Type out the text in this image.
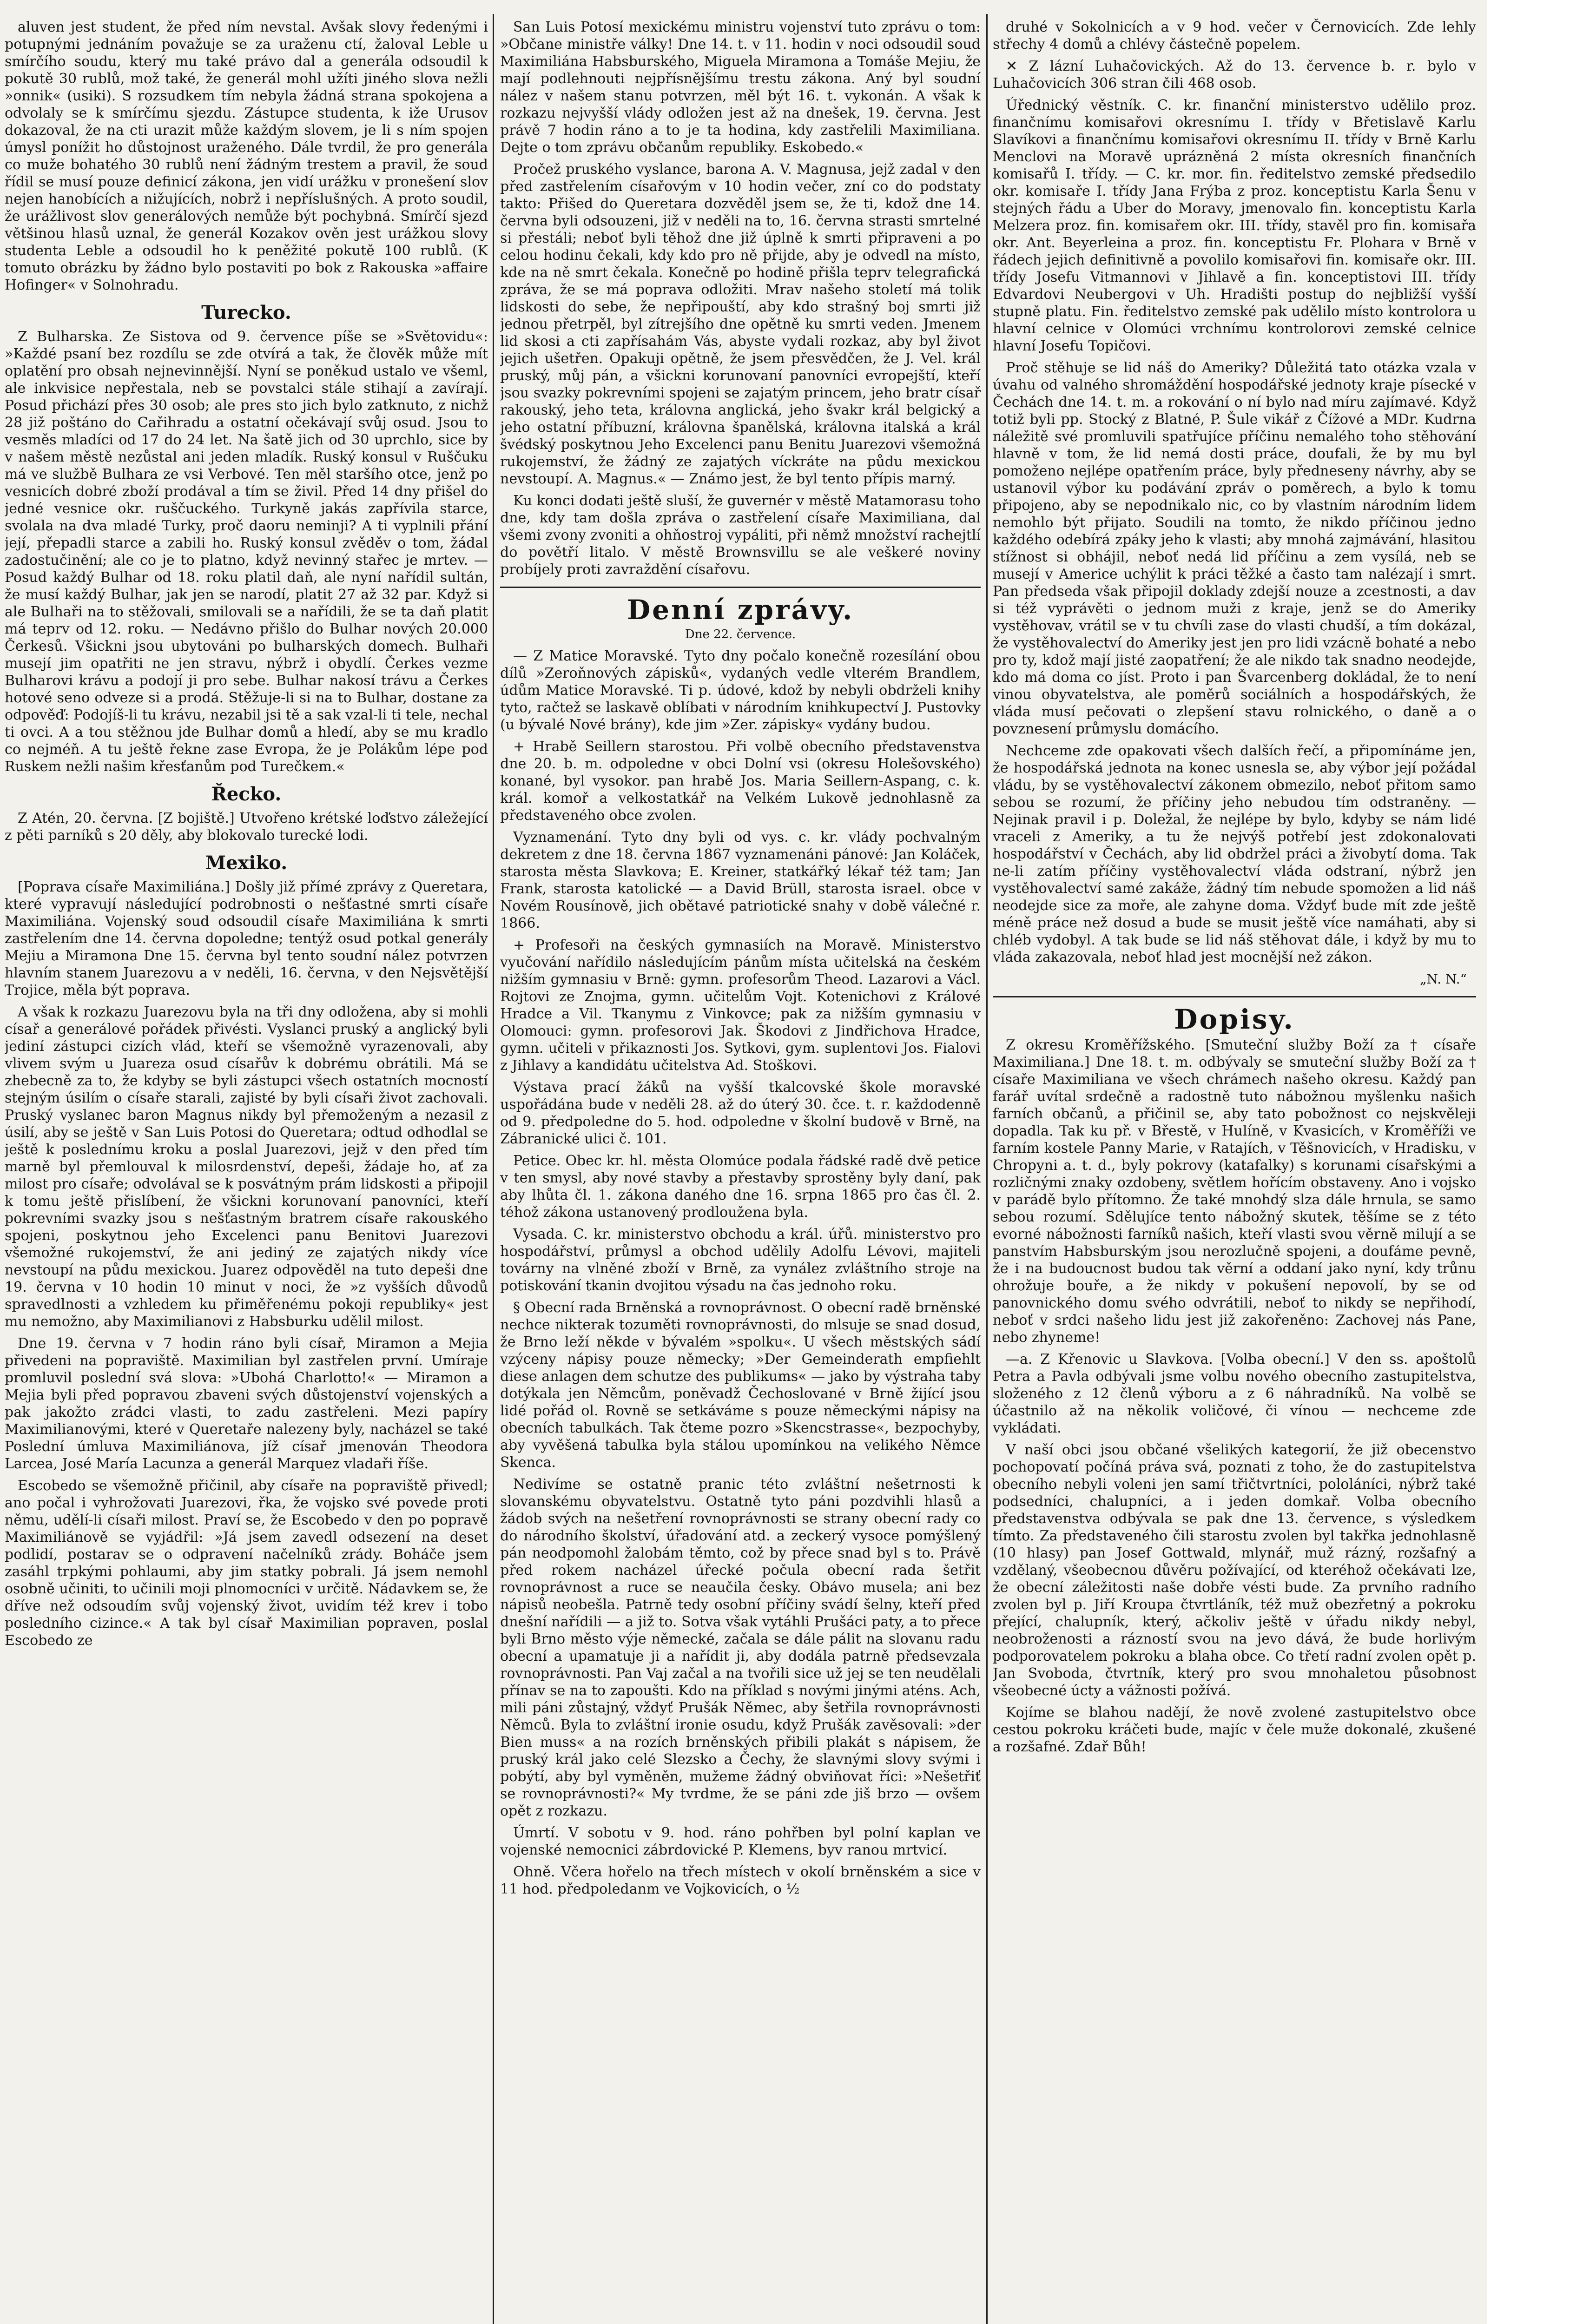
aluven jest student, že před ním nevstal. Avšak slovy ředenými i potupnými jednáním považuje se za uraženu ctí, žaloval Leble u smírčího soudu, který mu také právo dal a generála odsoudil k pokutě 30 rublů, mož také, že generál mohl užíti jiného slova nežli »onnik« (usiki). S rozsudkem tím nebyla žádná strana spokojena a odvolaly se k smírčímu sjezdu. Zástupce studenta, k iže Urusov dokazoval, že na cti urazit může každým slovem, je li s ním spojen úmysl ponížit ho důstojnost uraženého. Dále tvrdil, že pro generála co muže bohatého 30 rublů není žádným trestem a pravil, že soud řídil se musí pouze definicí zákona, jen vidí urážku v pronešení slov nejen hanobících a nižujících, nobrž i nepříslušných. A proto soudil, že urážlivost slov generálových nemůže být pochybná. Smírčí sjezd většinou hlasů uznal, že generál Kozakov ověn jest urážkou slovy studenta Leble a odsoudil ho k peněžité pokutě 100 rublů. (K tomuto obrázku by žádno bylo postaviti po bok z Rakouska »affaire Hofinger« v Solnohradu.

Turecko.

Z Bulharska. Ze Sistova od 9. července píše se »Světovidu«: »Každé psaní bez rozdílu se zde otvírá a tak, že člověk může mít oplatění pro obsah nejnevinnější. Nyní se poněkud ustalo ve všeml, ale inkvisice nepřestala, neb se povstalci stále stihají a zavírají. Posud přichází přes 30 osob; ale pres sto jich bylo zatknuto, z nichž 28 již poštáno do Cařihradu a ostatní očekávají svůj osud. Jsou to vesměs mladíci od 17 do 24 let. Na šatě jich od 30 uprchlo, sice by v našem městě nezůstal ani jeden mladík. Ruský konsul v Ruščuku má ve službě Bulhara ze vsi Verbové. Ten měl staršího otce, jenž po vesnicích dobré zboží prodával a tím se živil. Před 14 dny přišel do jedné vesnice okr. ruščuckého. Turkyně jakás zapřívila starce, svolala na dva mladé Turky, proč daoru neminji? A ti vyplnili přání její, přepadli starce a zabili ho. Ruský konsul zvěděv o tom, žádal zadostučinění; ale co je to platno, když nevinný stařec je mrtev. — Posud každý Bulhar od 18. roku platil daň, ale nyní nařídil sultán, že musí každý Bulhar, jak jen se narodí, platit 27 až 32 par. Když si ale Bulhaři na to stěžovali, smilovali se a nařídili, že se ta daň platit má teprv od 12. roku. — Nedávno přišlo do Bulhar nových 20.000 Čerkesů. Všickni jsou ubytováni po bulharských domech. Bulhaři musejí jim opatřiti ne jen stravu, nýbrž i obydlí. Čerkes vezme Bulharovi krávu a podojí ji pro sebe. Bulhar nakosí trávu a Čerkes hotové seno odveze si a prodá. Stěžuje-li si na to Bulhar, dostane za odpověď: Podojíš-li tu krávu, nezabil jsi tě a sak vzal-li ti tele, nechal ti ovci. A a tou stěžnou jde Bulhar domů a hledí, aby se mu kradlo co nejméň. A tu ještě řekne zase Evropa, že je Polákům lépe pod Ruskem nežli našim křesťanům pod Turečkem.«

Řecko.

Z Atén, 20. června. [Z bojiště.] Utvořeno krétské loďstvo záležející z pěti parníků s 20 děly, aby blokovalo turecké lodi.

Mexiko.

[Poprava císaře Maximiliána.] Došly již přímé zprávy z Queretara, které vypravují následující podrobnosti o nešťastné smrti císaře Maximiliána. Vojenský soud odsoudil císaře Maximiliána k smrti zastřelením dne 14. června dopoledne; tentýž osud potkal generály Mejiu a Miramona Dne 15. června byl tento soudní nález potvrzen hlavním stanem Juarezovu a v neděli, 16. června, v den Nejsvětější Trojice, měla být poprava.

A však k rozkazu Juarezovu byla na tři dny odložena, aby si mohli císař a generálové pořádek přivésti. Vyslanci pruský a anglický byli jediní zástupci cizích vlád, kteří se všemožně vyrazenovali, aby vlivem svým u Juareza osud císařův k dobrému obrátili. Má se zhebecně za to, že kdyby se byli zástupci všech ostatních mocností stejným úsilím o císaře starali, zajisté by byli císaři život zachovali. Pruský vyslanec baron Magnus nikdy byl přemoženým a nezasil z úsilí, aby se ještě v San Luis Potosi do Queretara; odtud odhodlal se ještě k poslednímu kroku a poslal Juarezovi, jejž v den před tím marně byl přemlouval k milosrdenství, depeši, žádaje ho, ať za milost pro císaře; odvolával se k posvátným prám lidskosti a připojil k tomu ještě přislíbení, že všickni korunovaní panovníci, kteří pokrevními svazky jsou s nešťastným bratrem císaře rakouského spojeni, poskytnou jeho Excelenci panu Benitovi Juarezovi všemožné rukojemství, že ani jediný ze zajatých nikdy více nevstoupí na půdu mexickou. Juarez odpověděl na tuto depeši dne 19. června v 10 hodin 10 minut v noci, že »z vyšších důvodů spravedlnosti a vzhledem ku přiměřenému pokoji republiky« jest mu nemožno, aby Maximilianovi z Habsburku udělil milost.

Dne 19. června v 7 hodin ráno byli císař, Miramon a Mejia přivedeni na popraviště. Maximilian byl zastřelen první. Umíraje promluvil poslední svá slova: »Ubohá Charlotto!« — Miramon a Mejia byli před popravou zbaveni svých důstojenství vojenských a pak jakožto zrádci vlasti, to zadu zastřeleni. Mezi papíry Maximilianovými, které v Queretaře nalezeny byly, nacházel se také Poslední úmluva Maximiliánova, jíž císař jmenován Theodora Larcea, José María Lacunza a generál Marquez vladaři říše.

Escobedo se všemožně přičinil, aby císaře na popraviště přivedl; ano počal i vyhrožovati Juarezovi, řka, že vojsko své povede proti němu, udělí-li císaři milost. Praví se, že Escobedo v den po popravě Maximiliánově se vyjádřil: »Já jsem zavedl odsezení na deset podlidí, postarav se o odpravení načelníků zrády. Boháče jsem zasáhl trpkými pohlaumi, aby jim statky pobrali. Já jsem nemohl osobně učiniti, to učinili moji plnomocníci v určitě. Nádavkem se, že dříve než odsoudím svůj vojenský život, uvidím též krev i tobo posledního cizince.« A tak byl císař Maximilian popraven, poslal Escobedo ze

San Luis Potosí mexickému ministru vojenství tuto zprávu o tom: »Občane ministře války! Dne 14. t. v 11. hodin v noci odsoudil soud Maximiliána Habsburského, Miguela Miramona a Tomáše Mejiu, že mají podlehnouti nejpřísnějšímu trestu zákona. Aný byl soudní nález v našem stanu potvrzen, měl být 16. t. vykonán. A však k rozkazu nejvyšší vlády odložen jest až na dnešek, 19. června. Jest právě 7 hodin ráno a to je ta hodina, kdy zastřelili Maximiliana. Dejte o tom zprávu občanům republiky. Eskobedo.«

Pročež pruského vyslance, barona A. V. Magnusa, jejž zadal v den před zastřelením císařovým v 10 hodin večer, zní co do podstaty takto: Přišed do Queretara dozvěděl jsem se, že ti, kdož dne 14. června byli odsouzeni, již v neděli na to, 16. června strasti smrtelné si přestáli; neboť byli těhož dne již úplně k smrti připraveni a po celou hodinu čekali, kdy kdo pro ně přijde, aby je odvedl na místo, kde na ně smrt čekala. Konečně po hodině přišla teprv telegrafická zpráva, že se má poprava odložiti. Mrav našeho století má tolik lidskosti do sebe, že nepřipouští, aby kdo strašný boj smrti již jednou přetrpěl, byl zítrejšího dne opětně ku smrti veden. Jmenem lid skosi a cti zapřísahám Vás, abyste vydali rozkaz, aby byl život jejich ušetřen. Opakuji opětně, že jsem přesvědčen, že J. Vel. král pruský, můj pán, a všickni korunovaní panovníci evropejští, kteří jsou svazky pokrevními spojeni se zajatým princem, jeho bratr císař rakouský, jeho teta, královna anglická, jeho švakr král belgický a jeho ostatní příbuzní, královna španělská, královna italská a král švédský poskytnou Jeho Excelenci panu Benitu Juarezovi všemožná rukojemství, že žádný ze zajatých víckráte na půdu mexickou nevstoupí. A. Magnus.« — Známo jest, že byl tento přípis marný.

Ku konci dodati ještě sluší, že guvernér v městě Matamorasu toho dne, kdy tam došla zpráva o zastřelení císaře Maximiliana, dal všemi zvony zvoniti a ohňostroj vypáliti, při němž množství rachejtlí do povětří litalo. V městě Brownsvillu se ale veškeré noviny probíjely proti zavraždění císařovu.

Denní zprávy.
Dne 22. července.

— Z Matice Moravské. Tyto dny počalo konečně rozesílání obou dílů »Zeroňnových zápisků«, vydaných vedle vlterém Brandlem, údům Matice Moravské. Ti p. údové, kdož by nebyli obdrželi knihy tyto, račtež se laskavě oblíbati v národním knihkupectví J. Pustovky (u bývalé Nové brány), kde jim »Zer. zápisky« vydány budou.

+ Hrabě Seillern starostou. Při volbě obecního představenstva dne 20. b. m. odpoledne v obci Dolní vsi (okresu Holešovského) konané, byl vysokor. pan hrabě Jos. Maria Seillern-Aspang, c. k. král. komoř a velkostatkář na Velkém Lukově jednohlasně za představeného obce zvolen.

Vyznamenání. Tyto dny byli od vys. c. kr. vlády pochvalným dekretem z dne 18. června 1867 vyznamenáni pánové: Jan Koláček, starosta města Slavkova; E. Kreiner, statkářký lékař též tam; Jan Frank, starosta katolické — a David Brüll, starosta israel. obce v Novém Rousínově, jich obětavé patriotické snahy v době válečné r. 1866.

+ Profesoři na českých gymnasiích na Moravě. Ministerstvo vyučování nařídilo následujícím pánům místa učitelská na českém nižším gymnasiu v Brně: gymn. profesorům Theod. Lazarovi a Václ. Rojtovi ze Znojma, gymn. učitelům Vojt. Kotenichovi z Králové Hradce a Vil. Tkanymu z Vinkovce; pak za nižším gymnasiu v Olomouci: gymn. profesorovi Jak. Škodovi z Jindřichova Hradce, gymn. učiteli v přikaznosti Jos. Sytkovi, gym. suplentovi Jos. Fialovi z Jihlavy a kandidátu učitelstva Ad. Stoškovi.

Výstava prací žáků na vyšší tkalcovské škole moravské uspořádána bude v neděli 28. až do úterý 30. čce. t. r. každodenně od 9. předpoledne do 5. hod. odpoledne v školní budově v Brně, na Zábranické ulici č. 101.

Petice. Obec kr. hl. města Olomúce podala řádské radě dvě petice v ten smysl, aby nové stavby a přestavby sprostěny byly daní, pak aby lhůta čl. 1. zákona daného dne 16. srpna 1865 pro čas čl. 2. téhož zákona ustanovený prodloužena byla.

Vysada. C. kr. ministerstvo obchodu a král. úřů. ministerstvo pro hospodářství, průmysl a obchod udělily Adolfu Lévovi, majiteli továrny na vlněné zboží v Brně, za vynález zvláštního stroje na potiskování tkanin dvojitou výsadu na čas jednoho roku.

§ Obecní rada Brněnská a rovnoprávnost. O obecní radě brněnské nechce nikterak tozuměti rovnoprávnosti, do mlsuje se snad dosud, že Brno leží někde v bývalém »spolku«. U všech městských sádí vzýceny nápisy pouze německy; »Der Gemeinderath empfiehlt diese anlagen dem schutze des publikums« — jako by výstraha taby dotýkala jen Němcům, poněvadž Čechoslované v Brně žijící jsou lidé pořád ol. Rovně se setkáváme s pouze německými nápisy na obecních tabulkách. Tak čteme pozro »Skencstrasse«, bezpochyby, aby vyvěšená tabulka byla stálou upomínkou na velikého Němce Skenca.

Nedivíme se ostatně pranic této zvláštní nešetrnosti k slovanskému obyvatelstvu. Ostatně tyto páni pozdvihli hlasů a žádob svých na nešetření rovnoprávnosti se strany obecní rady co do národního školství, úřadování atd. a zeckerý vysoce pomýšlený pán neodpomohl žalobám těmto, což by přece snad byl s to. Právě před rokem nacházel úřecké počula obecní rada šetřit rovnoprávnost a ruce se neaučila česky. Obávo musela; ani bez nápisů neobešla. Patrně tedy osobní příčiny svádí šelny, kteří před dnešní nařídili — a již to. Sotva však vytáhli Prušáci paty, a to přece byli Brno město výje německé, začala se dále pálit na slovanu radu obecní a upamatuje ji a nařídit ji, aby dodála patrně předsevzala rovnoprávnosti. Pan Vaj začal a na tvořili sice už jej se ten neudělali přínav se na to zapoušti. Kdo na příklad s novými jinými aténs. Ach, mili páni zůstajný, vždyť Prušák Němec, aby šetřila rovnoprávnosti Němců. Byla to zvláštní ironie osudu, když Prušák zavěsovali: »der Bien muss« a na rozích brněnských přibili plakát s nápisem, že pruský král jako celé Slezsko a Čechy, že slavnými slovy svými i pobýtí, aby byl vyměněn, mužeme žádný obviňovat říci: »Nešetřiť se rovnoprávnosti?« My tvrdme, že se páni zde jiš brzo — ovšem opět z rozkazu.

Úmrtí. V sobotu v 9. hod. ráno pohřben byl polní kaplan ve vojenské nemocnici zábrdovické P. Klemens, byv ranou mrtvicí.

Ohně. Včera hořelo na třech místech v okolí brněnském a sice v 11 hod. předpoledanm ve Vojkovicích, o ½

druhé v Sokolnicích a v 9 hod. večer v Černovicích. Zde lehly střechy 4 domů a chlévy částečně popelem.

✕ Z lázní Luhačovických. Až do 13. července b. r. bylo v Luhačovicích 306 stran čili 468 osob.

Úřednický věstník. C. kr. finanční ministerstvo udělilo proz. finančnímu komisařovi okresnímu I. třídy v Břetislavě Karlu Slavíkovi a finančnímu komisařovi okresnímu II. třídy v Brně Karlu Menclovi na Moravě uprázněná 2 místa okresních finančních komisařů I. třídy. — C. kr. mor. fin. ředitelstvo zemské předsedilo okr. komisaře I. třídy Jana Frýba z proz. konceptistu Karla Šenu v stejných řádu a Uber do Moravy, jmenovalo fin. konceptistu Karla Melzera proz. fin. komisařem okr. III. třídy, stavěl pro fin. komisařa okr. Ant. Beyerleina a proz. fin. konceptistu Fr. Plohara v Brně v řádech jejich definitivně a povolilo komisařovi fin. komisaře okr. III. třídy Josefu Vitmannovi v Jihlavě a fin. konceptistovi III. třídy Edvardovi Neubergovi v Uh. Hradišti postup do nejbližší vyšší stupně platu. Fin. ředitelstvo zemské pak udělilo místo kontrolora u hlavní celnice v Olomúci vrchnímu kontrolorovi zemské celnice hlavní Josefu Topičovi.

Proč stěhuje se lid náš do Ameriky? Důležitá tato otázka vzala v úvahu od valného shromáždění hospodářské jednoty kraje písecké v Čechách dne 14. t. m. a rokování o ní bylo nad míru zajímavé. Když totiž byli pp. Stocký z Blatné, P. Šule vikář z Čížové a MDr. Kudrna náležitě své promluvili spatřujíce příčinu nemalého toho stěhování hlavně v tom, že lid nemá dosti práce, doufali, že by mu byl pomoženo nejlépe opatřením práce, byly předneseny návrhy, aby se ustanovil výbor ku podávání zpráv o poměrech, a bylo k tomu připojeno, aby se nepodnikalo nic, co by vlastním národním lidem nemohlo být přijato. Soudili na tomto, že nikdo příčinou jedno každého odebírá zpáky jeho k vlasti; aby mnohá zajmávání, hlasitou stížnost si obhájil, neboť nedá lid příčinu a zem vysílá, neb se musejí v Americe uchýlit k práci těžké a často tam nalézají i smrt. Pan předseda však připojil doklady zdejší nouze a zcestnosti, a dav si též vyprávěti o jednom muži z kraje, jenž se do Ameriky vystěhovav, vrátil se v tu chvíli zase do vlasti chudší, a tím dokázal, že vystěhovalectví do Ameriky jest jen pro lidi vzácně bohaté a nebo pro ty, kdož mají jisté zaopatření; že ale nikdo tak snadno neodejde, kdo má doma co jíst. Proto i pan Švarcenberg dokládal, že to není vinou obyvatelstva, ale poměrů sociálních a hospodářských, že vláda musí pečovati o zlepšení stavu rolnického, o daně a o povznesení průmyslu domácího.

Nechceme zde opakovati všech dalších řečí, a připomínáme jen, že hospodářská jednota na konec usnesla se, aby výbor její požádal vládu, by se vystěhovalectví zákonem obmezilo, neboť přitom samo sebou se rozumí, že příčiny jeho nebudou tím odstraněny. — Nejinak pravil i p. Doležal, že nejlépe by bylo, kdyby se nám lidé vraceli z Ameriky, a tu že nejvýš potřebí jest zdokonalovati hospodářství v Čechách, aby lid obdržel práci a živobytí doma. Tak ne-li zatím příčiny vystěhovalectví vláda odstraní, nýbrž jen vystěhovalectví samé zakáže, žádný tím nebude spomožen a lid náš neodejde sice za moře, ale zahyne doma. Vždyť bude mít zde ještě méně práce než dosud a bude se musit ještě více namáhati, aby si chléb vydobyl. A tak bude se lid náš stěhovat dále, i když by mu to vláda zakazovala, neboť hlad jest mocnější než zákon.

„N. N.“
Dopisy.

Z okresu Kroměřížského. [Smuteční služby Boží za † císaře Maximiliana.] Dne 18. t. m. odbývaly se smuteční služby Boží za † císaře Maximiliana ve všech chrámech našeho okresu. Každý pan farář uvítal srdečně a radostně tuto nábožnou myšlenku našich farních občanů, a přičinil se, aby tato pobožnost co nejskvěleji dopadla. Tak ku př. v Břestě, v Hulíně, v Kvasicích, v Kroměříži ve farním kostele Panny Marie, v Ratajích, v Těšnovicích, v Hradisku, v Chropyni a. t. d., byly pokrovy (katafalky) s korunami císařskými a rozličnými znaky ozdobeny, světlem hořícím obstaveny. Ano i vojsko v parádě bylo přítomno. Že také mnohdý slza dále hrnula, se samo sebou rozumí. Sdělujíce tento nábožný skutek, těšíme se z této evorné nábožnosti farníků našich, kteří vlasti svou věrně milují a se panstvím Habsburským jsou nerozlučně spojeni, a doufáme pevně, že i na budoucnost budou tak věrní a oddaní jako nyní, kdy trůnu ohrožuje bouře, a že nikdy v pokušení nepovolí, by se od panovnického domu svého odvrátili, neboť to nikdy se nepřihodí, neboť v srdci našeho lidu jest již zakořeněno: Zachovej nás Pane, nebo zhyneme!

—a. Z Křenovic u Slavkova. [Volba obecní.] V den ss. apoštolů Petra a Pavla odbývali jsme volbu nového obecního zastupitelstva, složeného z 12 členů výboru a z 6 náhradníků. Na volbě se účastnilo až na několik voličové, či vínou — nechceme zde vykládati.

V naší obci jsou občané všelikých kategorií, že již obecenstvo pochopovatí počíná práva svá, poznati z toho, že do zastupitelstva obecního nebyli voleni jen samí třičtvrtníci, pololáníci, nýbrž také podsedníci, chalupníci, a i jeden domkař. Volba obecního představenstva odbývala se pak dne 13. července, s výsledkem tímto. Za představeného čili starostu zvolen byl takřka jednohlasně (10 hlasy) pan Josef Gottwald, mlynář, muž rázný, rozšafný a vzdělaný, všeobecnou důvěru požívající, od kteréhož očekávati lze, že obecní záležitosti naše dobře vésti bude. Za prvního radního zvolen byl p. Jiří Kroupa čtvrtláník, též muž obezřetný a pokroku přející, chalupník, který, ačkoliv ještě v úřadu nikdy nebyl, neobroženosti a rázností svou na jevo dává, že bude horlivým podporovatelem pokroku a blaha obce. Co třetí radní zvolen opět p. Jan Svoboda, čtvrtník, který pro svou mnohaletou působnost všeobecné úcty a vážnosti požívá.

Kojíme se blahou nadějí, že nově zvolené zastupitelstvo obce cestou pokroku kráčeti bude, majíc v čele muže dokonalé, zkušené a rozšafné. Zdař Bůh!
